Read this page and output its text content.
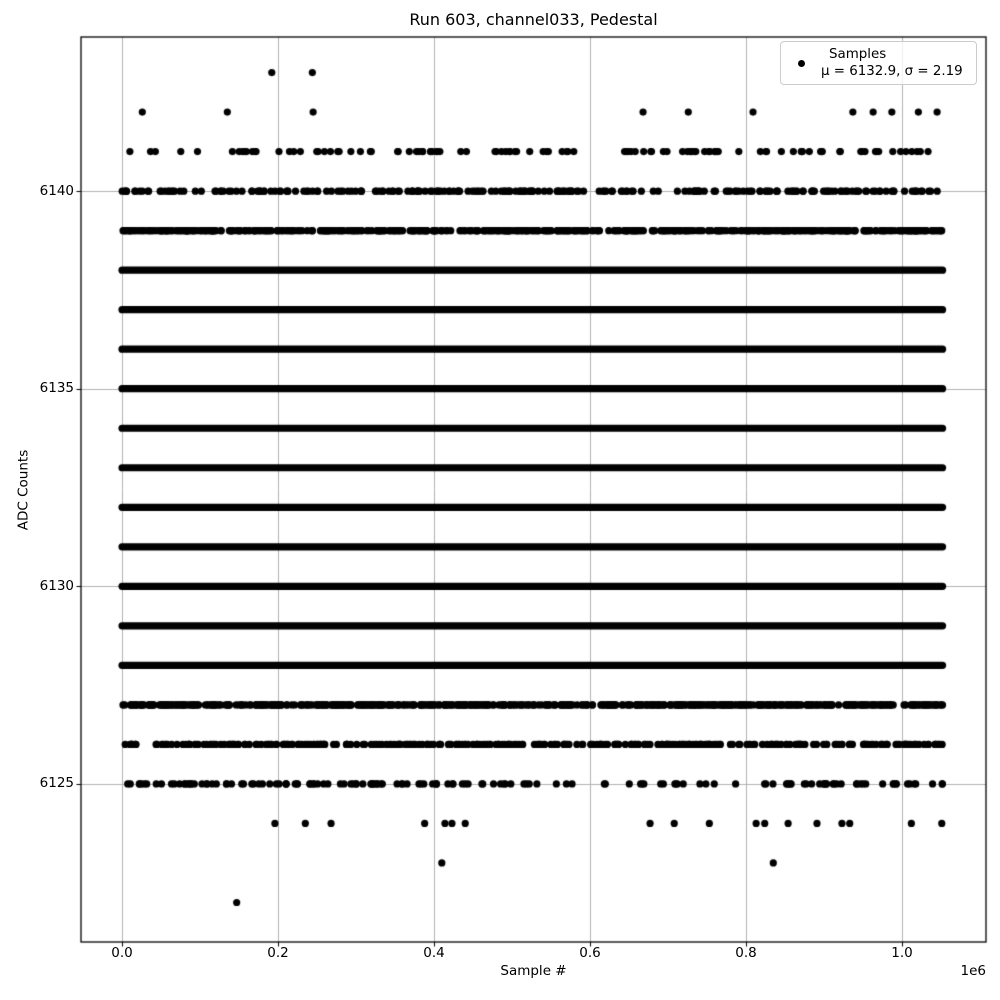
Run 603, channel033, Pedestal
Sample #	1e6
ADC Counts
Samples
μ = 6132.9, σ = 2.19
0.0	0.2	0.4	0.6	0.8	1.0
6125
6130
6135
6140
